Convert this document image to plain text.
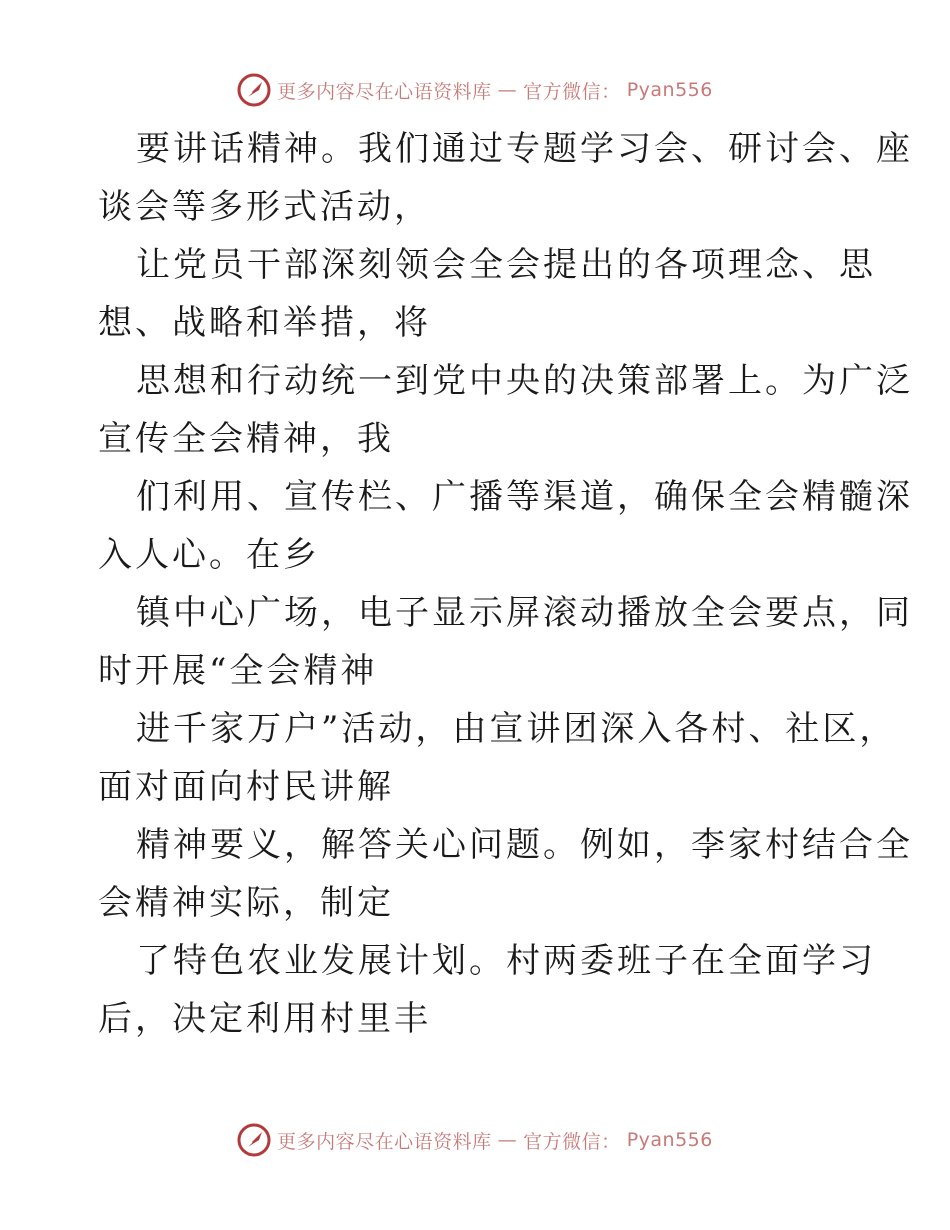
更多内容尽在心语资料库 — 官方微信： Pyan556

要讲话精神。我们通过专题学习会、研讨会、座
谈会等多形式活动，

让党员干部深刻领会全会提出的各项理念、思
想、战略和举措，将

思想和行动统一到党中央的决策部署上。为广泛
宣传全会精神，我

们利用、宣传栏、广播等渠道，确保全会精髓深
入人心。在乡

镇中心广场，电子显示屏滚动播放全会要点，同
时开展“全会精神

进千家万户”活动，由宣讲团深入各村、社区，
面对面向村民讲解

精神要义，解答关心问题。例如，李家村结合全
会精神实际，制定

了特色农业发展计划。村两委班子在全面学习
后，决定利用村里丰

更多内容尽在心语资料库 — 官方微信： Pyan556
